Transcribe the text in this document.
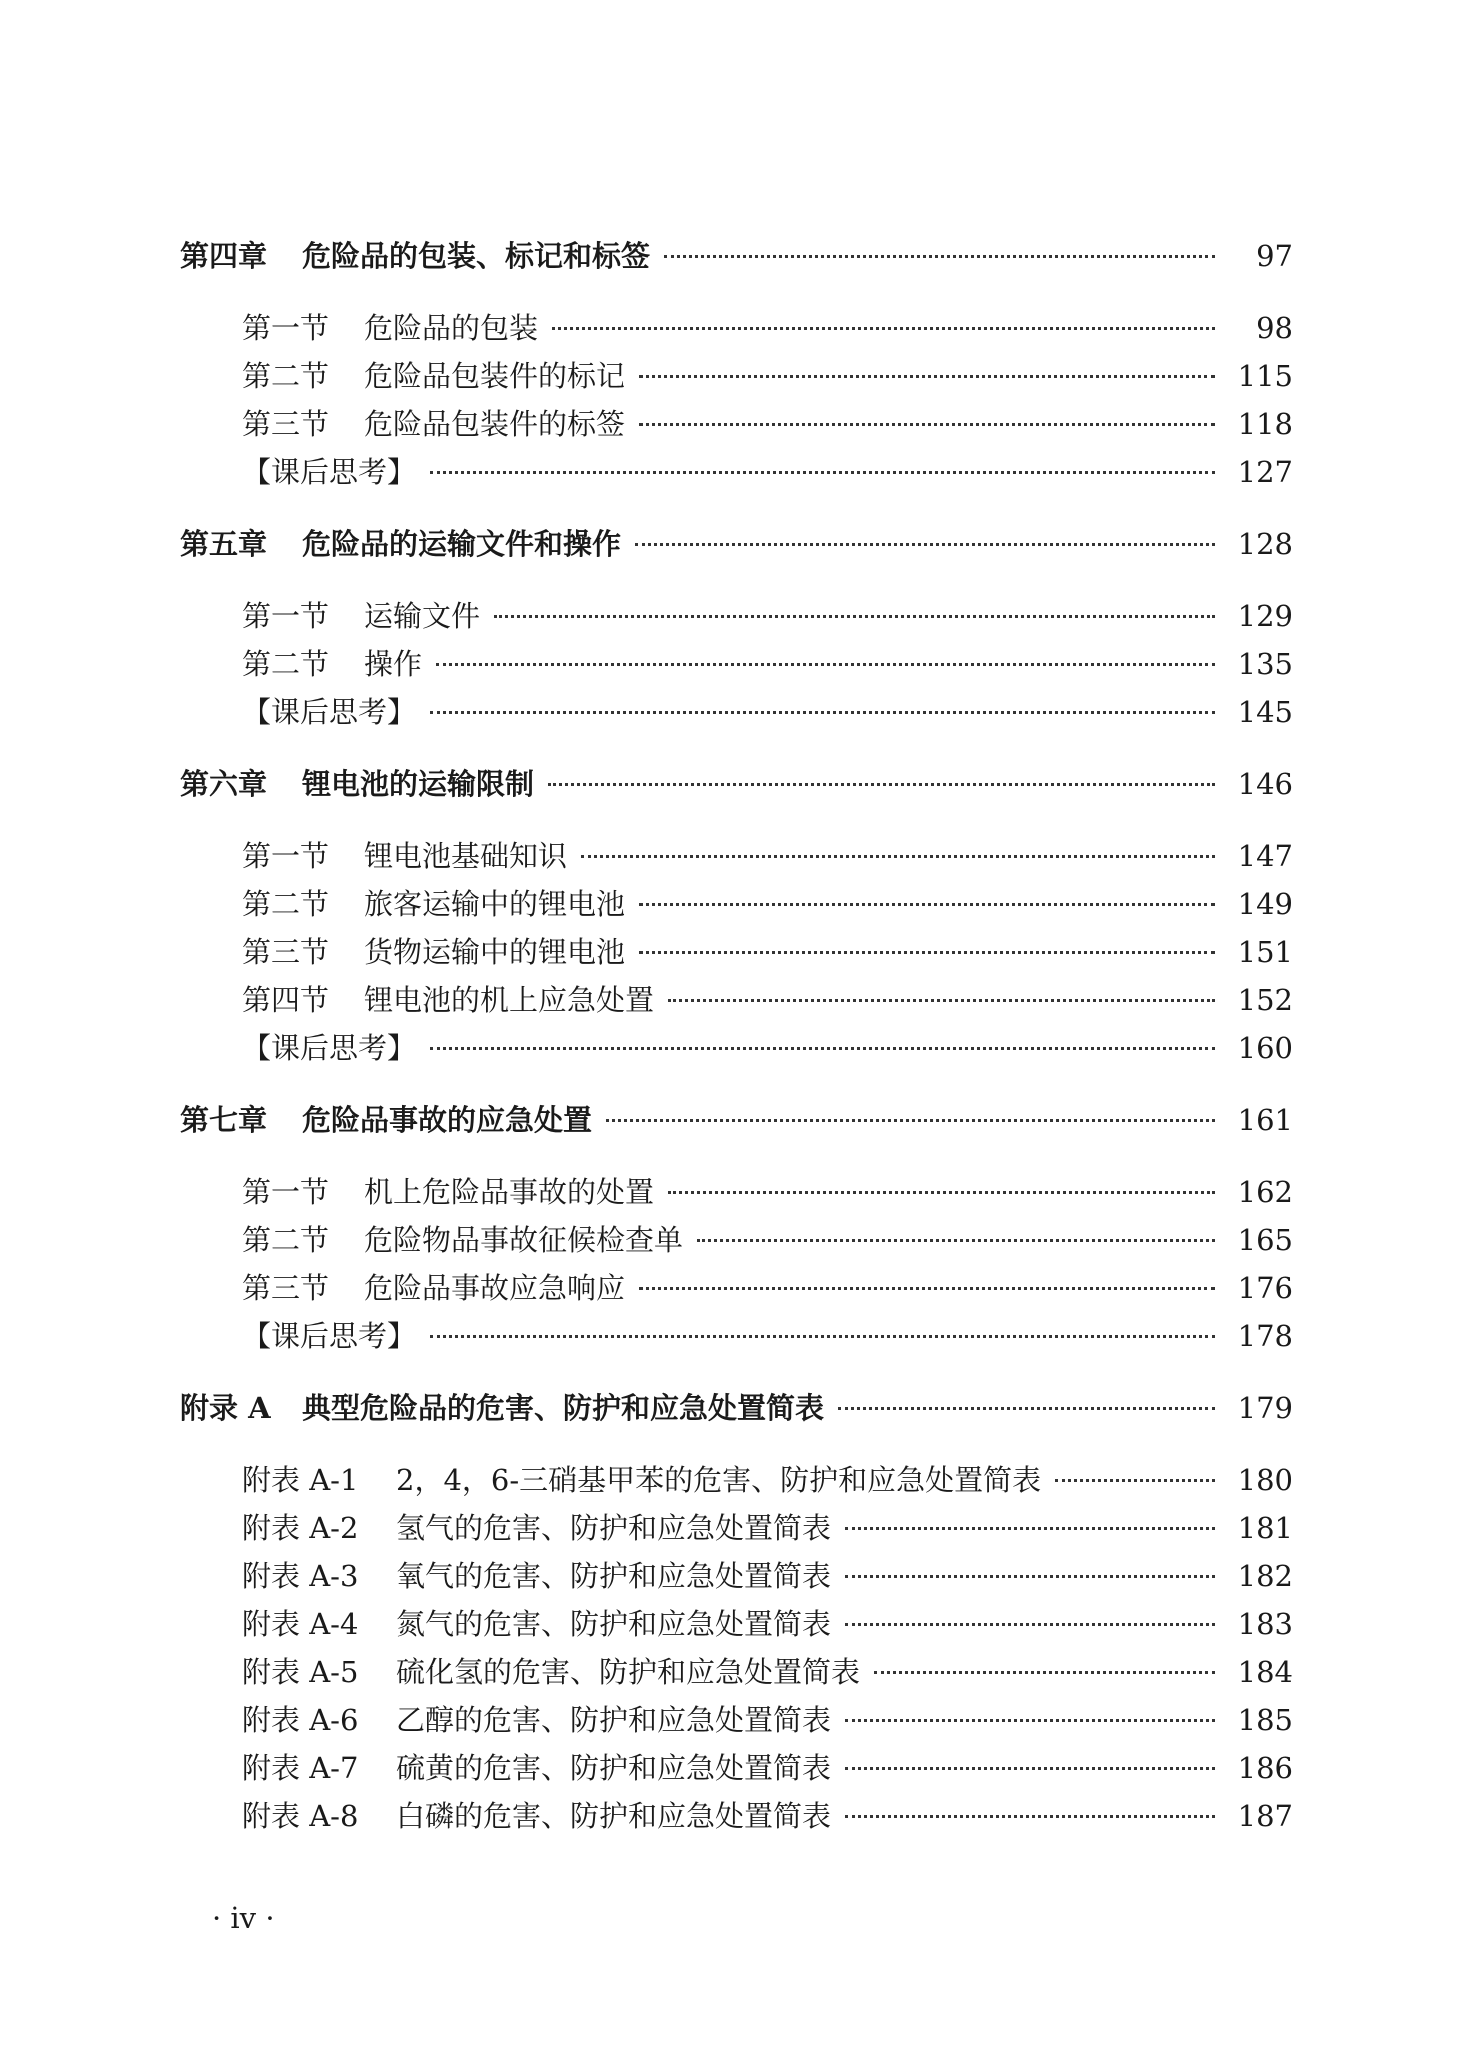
第四章	危险品的包装、标记和标签	97
第一节	危险品的包装	98
第二节	危险品包装件的标记	115
第三节	危险品包装件的标签	118
【课后思考】	127
第五章	危险品的运输文件和操作	128
第一节	运输文件	129
第二节	操作	135
【课后思考】	145
第六章	锂电池的运输限制	146
第一节	锂电池基础知识	147
第二节	旅客运输中的锂电池	149
第三节	货物运输中的锂电池	151
第四节	锂电池的机上应急处置	152
【课后思考】	160
第七章	危险品事故的应急处置	161
第一节	机上危险品事故的处置	162
第二节	危险物品事故征候检查单	165
第三节	危险品事故应急响应	176
【课后思考】	178
附录 A	典型危险品的危害、防护和应急处置简表	179
附表 A-1	2，4，6-三硝基甲苯的危害、防护和应急处置简表	180
附表 A-2	氢气的危害、防护和应急处置简表	181
附表 A-3	氧气的危害、防护和应急处置简表	182
附表 A-4	氮气的危害、防护和应急处置简表	183
附表 A-5	硫化氢的危害、防护和应急处置简表	184
附表 A-6	乙醇的危害、防护和应急处置简表	185
附表 A-7	硫黄的危害、防护和应急处置简表	186
附表 A-8	白磷的危害、防护和应急处置简表	187
· ⅳ ·
